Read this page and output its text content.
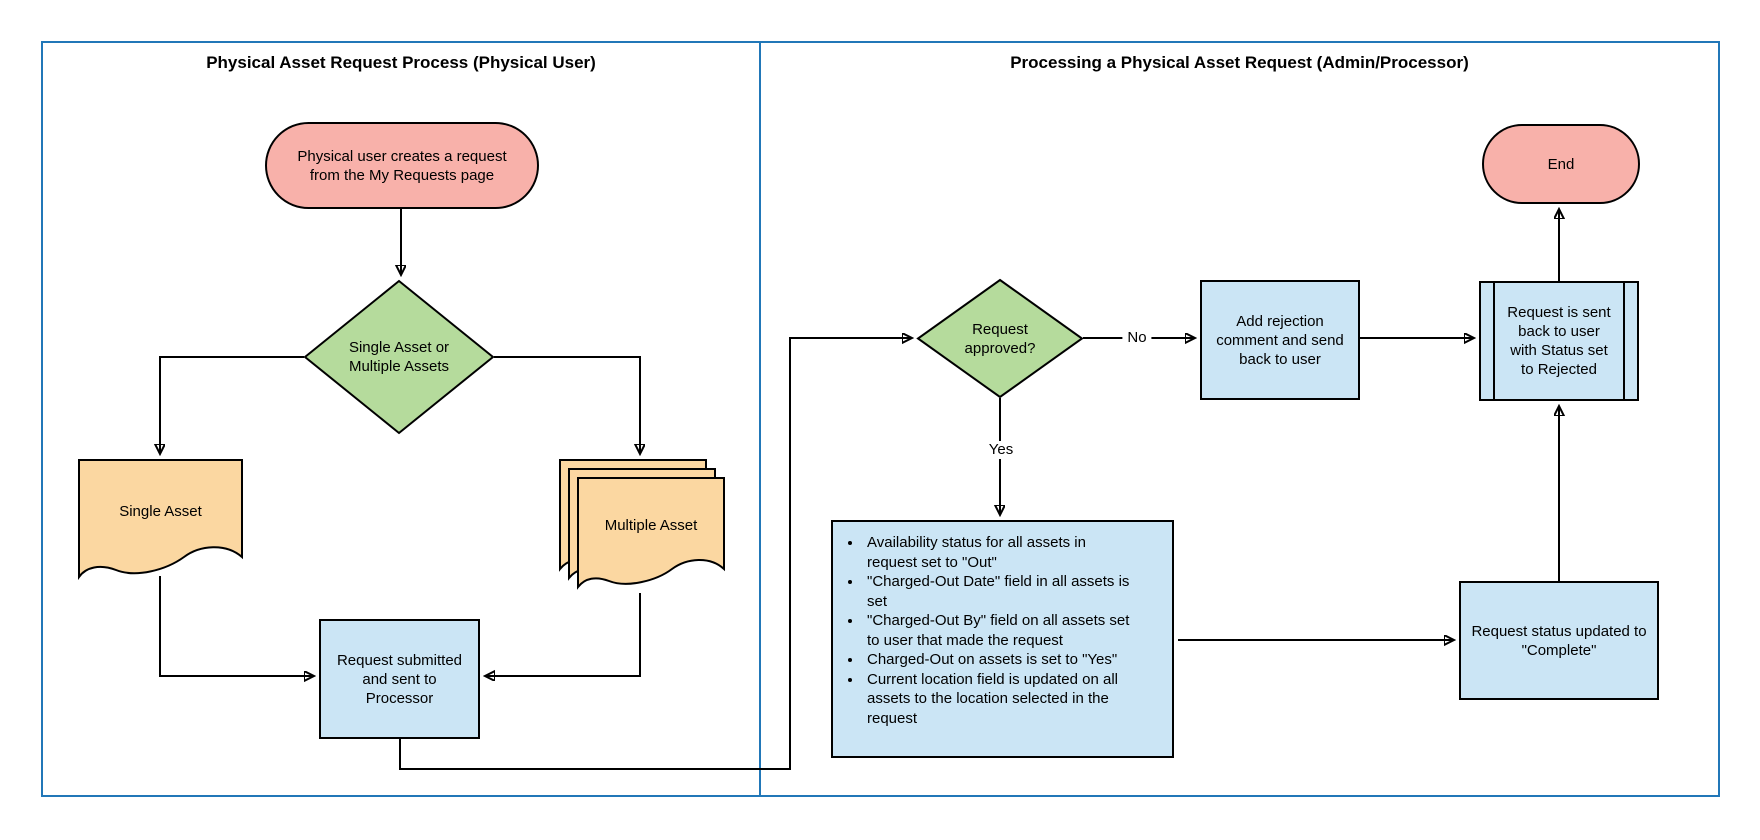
Physical Asset Request Process (Physical User)	Processing a Physical Asset Request (Admin/Processor)
Physical user creates a request from the My Requests page
Single Asset or Multiple Assets
Single Asset
Multiple Asset
Request submitted and sent to Processor
Request approved?
No
Yes
Add rejection comment and send back to user
Request is sent back to user with Status set to Rejected
End
• Availability status for all assets in request set to "Out"
• "Charged-Out Date" field in all assets is set
• "Charged-Out By" field on all assets set to user that made the request
• Charged-Out on assets is set to "Yes"
• Current location field is updated on all assets to the location selected in the request
Request status updated to "Complete"
